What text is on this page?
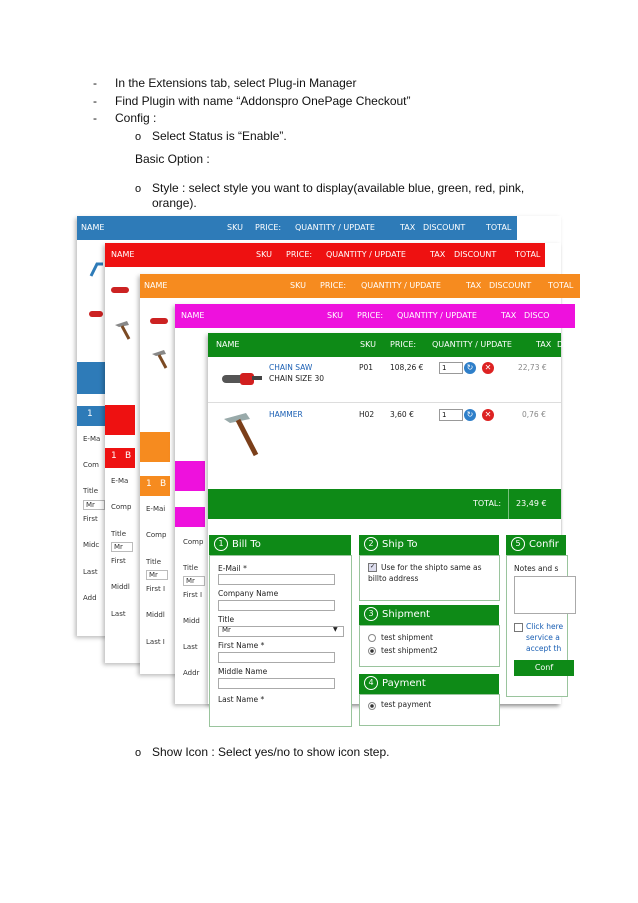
- In the Extensions tab, select Plug-in Manager
- Find Plugin with name “Addonspro OnePage Checkout”
- Config :
o Select Status is “Enable”.
Basic Option :
o Style : select style you want to display(available blue, green, red, pink,
orange).
NAME	SKU PRICE: QUANTITY / UPDATE	TAX DISCOUNT	TOTAL
1
E-Ma
Com
Title
Mr
First
Midc
Last
Add
NAME	SKU PRICE: QUANTITY / UPDATE	TAX DISCOUNT TOTAL
1 B
E-Ma
Comp
Title
Mr
First
Middl
Last
NAME	SKU PRICE: QUANTITY / UPDATE	TAX DISCOUNT TOTAL
1 B
E-Mai
Comp
Title
Mr
First I
Middl
Last I
NAME	SKU PRICE: QUANTITY / UPDATE	TAX DISCO
Comp
Title
Mr
First I
Midd
Last
Addr
NAME	SKU PRICE: QUANTITY / UPDATE	TAX D
CHAIN SAW
CHAIN SIZE 30
P01 108,26 €	1	↻	✕	22,73 €
HAMMER	H02 3,60 €	1	↻	✕	0,76 €
TOTAL: 23,49 €
1 Bill To
E-Mail *
Company Name
Title
Mr	▼
First Name *
Middle Name
Last Name *
2 Ship To
✓ Use for the shipto same as
billto address
3 Shipment
test shipment
test shipment2
4 Payment
test payment
5 Confir
Notes and s
Click here
service a
accept th
Conf
o Show Icon : Select yes/no to show icon step.
